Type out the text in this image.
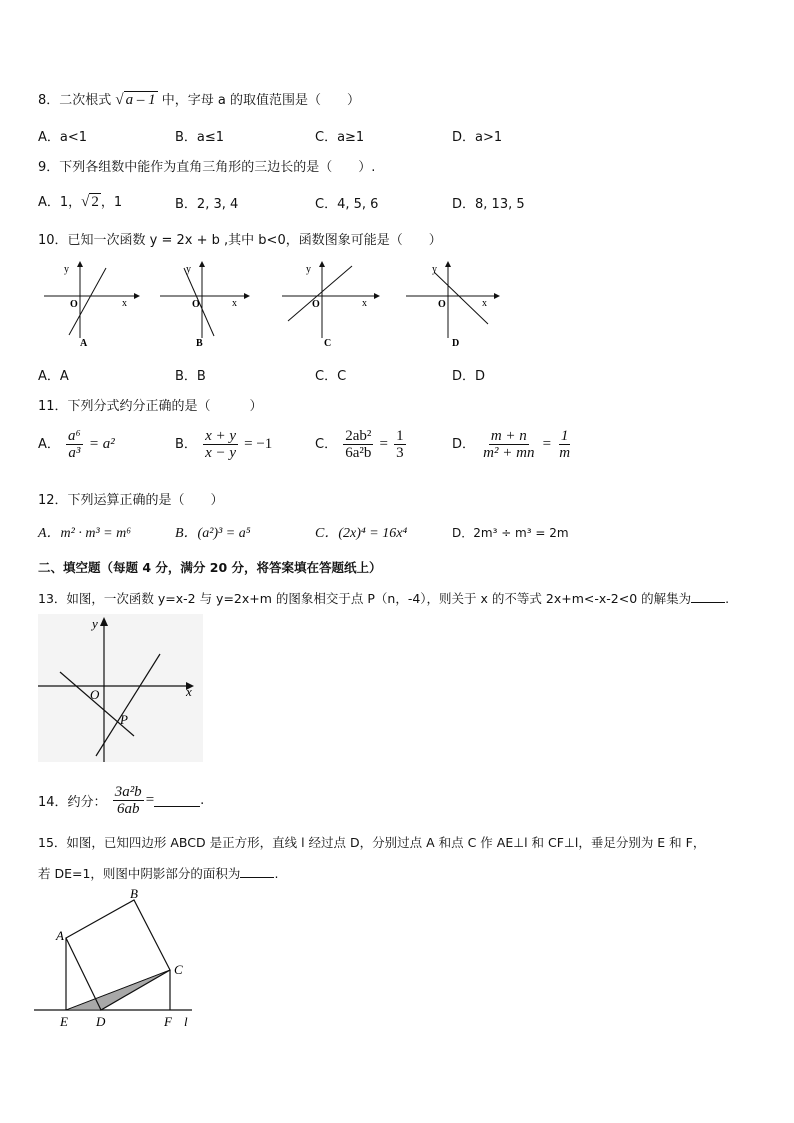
8．二次根式 √ a – 1 中，字母 a 的取值范围是（　　）
A．a<1	B．a≤1	C．a≥1	D．a>1
9．下列各组数中能作为直角三角形的三边长的是（　　）.
A．1，√ 2 ，1	B．2, 3, 4	C．4, 5, 6	D．8, 13, 5
10．已知一次函数 y = 2x + b ,其中 b<0，函数图象可能是（　　）
y
x
O
A
y
x
O
B
y
x
O
C
y
x
O
D
A．A	B．B	C．C	D．D
11．下列分式约分正确的是（　　　）
A． $\frac{\text{a⁶}}{\text{a³}} = a^2$	B． $\frac{x + y}{x - y} = -1$	C． $\frac{\text{2ab²}}{\text{6a²b}} = \frac{1}{3}$	D． $\frac{m + n}{\text{m² + mn}} = \frac{1}{m}$
12．下列运算正确的是（　　）
A．m² · m³ = m⁶	B．(a²)³ = a⁵	C．(2x)⁴ = 16x⁴	D．2m³ ÷ m³ = 2m
二、填空题（每题 4 分，满分 20 分，将答案填在答题纸上）
13．如图，一次函数 y=x-2 与 y=2x+m 的图象相交于点 P（n，-4），则关于 x 的不等式 2x+m<-x-2<0 的解集为	.
y
x
O
P
14．约分： $\frac{\text{3a²b}}{6ab}$ =	.
15．如图，已知四边形 ABCD 是正方形，直线 l 经过点 D，分别过点 A 和点 C 作 AE⊥l 和 CF⊥l，垂足分别为 E 和 F，
若 DE=1，则图中阴影部分的面积为	.
A
B
C
D
E	F l
